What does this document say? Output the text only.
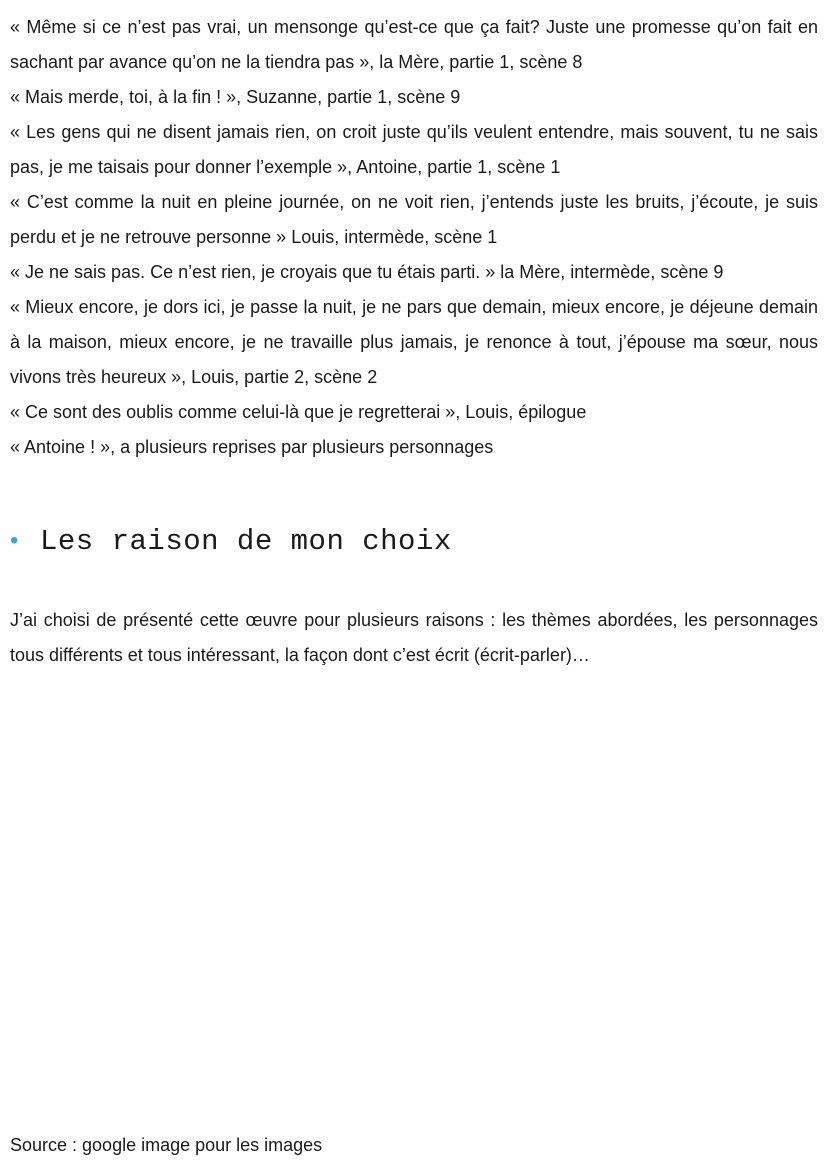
« Même si ce n’est pas vrai, un mensonge qu’est-ce que ça fait? Juste une promesse qu’on fait en sachant par avance qu’on ne la tiendra pas », la Mère, partie 1, scène 8

« Mais merde, toi, à la fin ! », Suzanne, partie 1, scène 9

« Les gens qui ne disent jamais rien, on croit juste qu’ils veulent entendre, mais souvent, tu ne sais pas, je me taisais pour donner l’exemple », Antoine, partie 1, scène 1

« C’est comme la nuit en pleine journée, on ne voit rien, j’entends juste les bruits, j’écoute, je suis perdu et je ne retrouve personne » Louis, intermède, scène 1

« Je ne sais pas. Ce n’est rien, je croyais que tu étais parti. » la Mère, intermède, scène 9

« Mieux encore, je dors ici, je passe la nuit, je ne pars que demain, mieux encore, je déjeune demain à la maison, mieux encore, je ne travaille plus jamais, je renonce à tout, j’épouse ma sœur, nous vivons très heureux », Louis, partie 2, scène 2

« Ce sont des oublis comme celui-là que je regretterai », Louis, épilogue

« Antoine ! », a plusieurs reprises par plusieurs personnages

• Les raison de mon choix

J’ai choisi de présenté cette œuvre pour plusieurs raisons : les thèmes abordées, les personnages tous différents et tous intéressant, la façon dont c’est écrit (écrit-parler)…

Source : google image pour les images
